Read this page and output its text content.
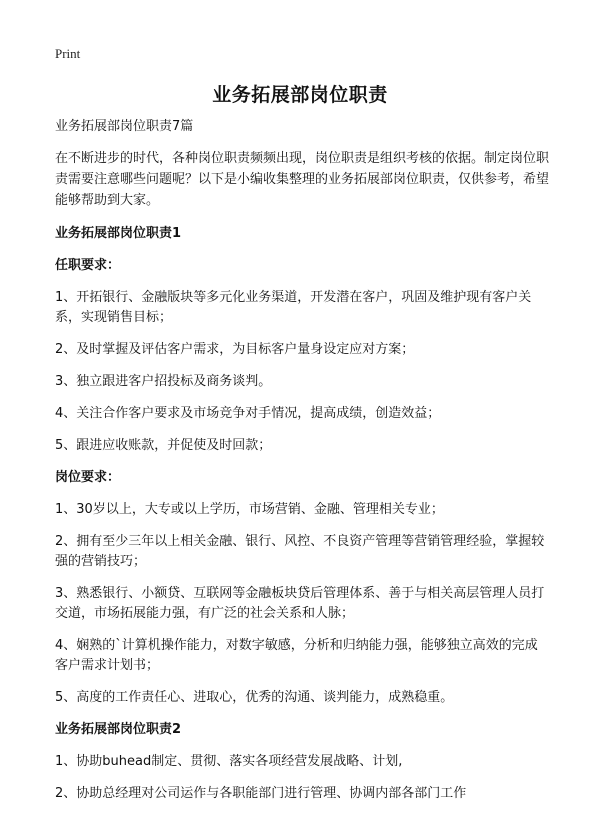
Print
业务拓展部岗位职责

业务拓展部岗位职责7篇

在不断进步的时代，各种岗位职责频频出现，岗位职责是组织考核的依据。制定岗位职责需要注意哪些问题呢？以下是小编收集整理的业务拓展部岗位职责，仅供参考，希望能够帮助到大家。

业务拓展部岗位职责1

任职要求：

1、开拓银行、金融版块等多元化业务渠道，开发潜在客户，巩固及维护现有客户关系，实现销售目标；

2、及时掌握及评估客户需求，为目标客户量身设定应对方案；

3、独立跟进客户招投标及商务谈判。

4、关注合作客户要求及市场竞争对手情况，提高成绩，创造效益；

5、跟进应收账款，并促使及时回款；

岗位要求：

1、30岁以上，大专或以上学历，市场营销、金融、管理相关专业；

2、拥有至少三年以上相关金融、银行、风控、不良资产管理等营销管理经验，掌握较强的营销技巧；

3、熟悉银行、小额贷、互联网等金融板块贷后管理体系、善于与相关高层管理人员打交道，市场拓展能力强，有广泛的社会关系和人脉；

4、娴熟的`计算机操作能力，对数字敏感，分析和归纳能力强，能够独立高效的完成客户需求计划书；

5、高度的工作责任心、进取心，优秀的沟通、谈判能力，成熟稳重。

业务拓展部岗位职责2

1、协助buhead制定、贯彻、落实各项经营发展战略、计划,

2、协助总经理对公司运作与各职能部门进行管理、协调内部各部门工作
